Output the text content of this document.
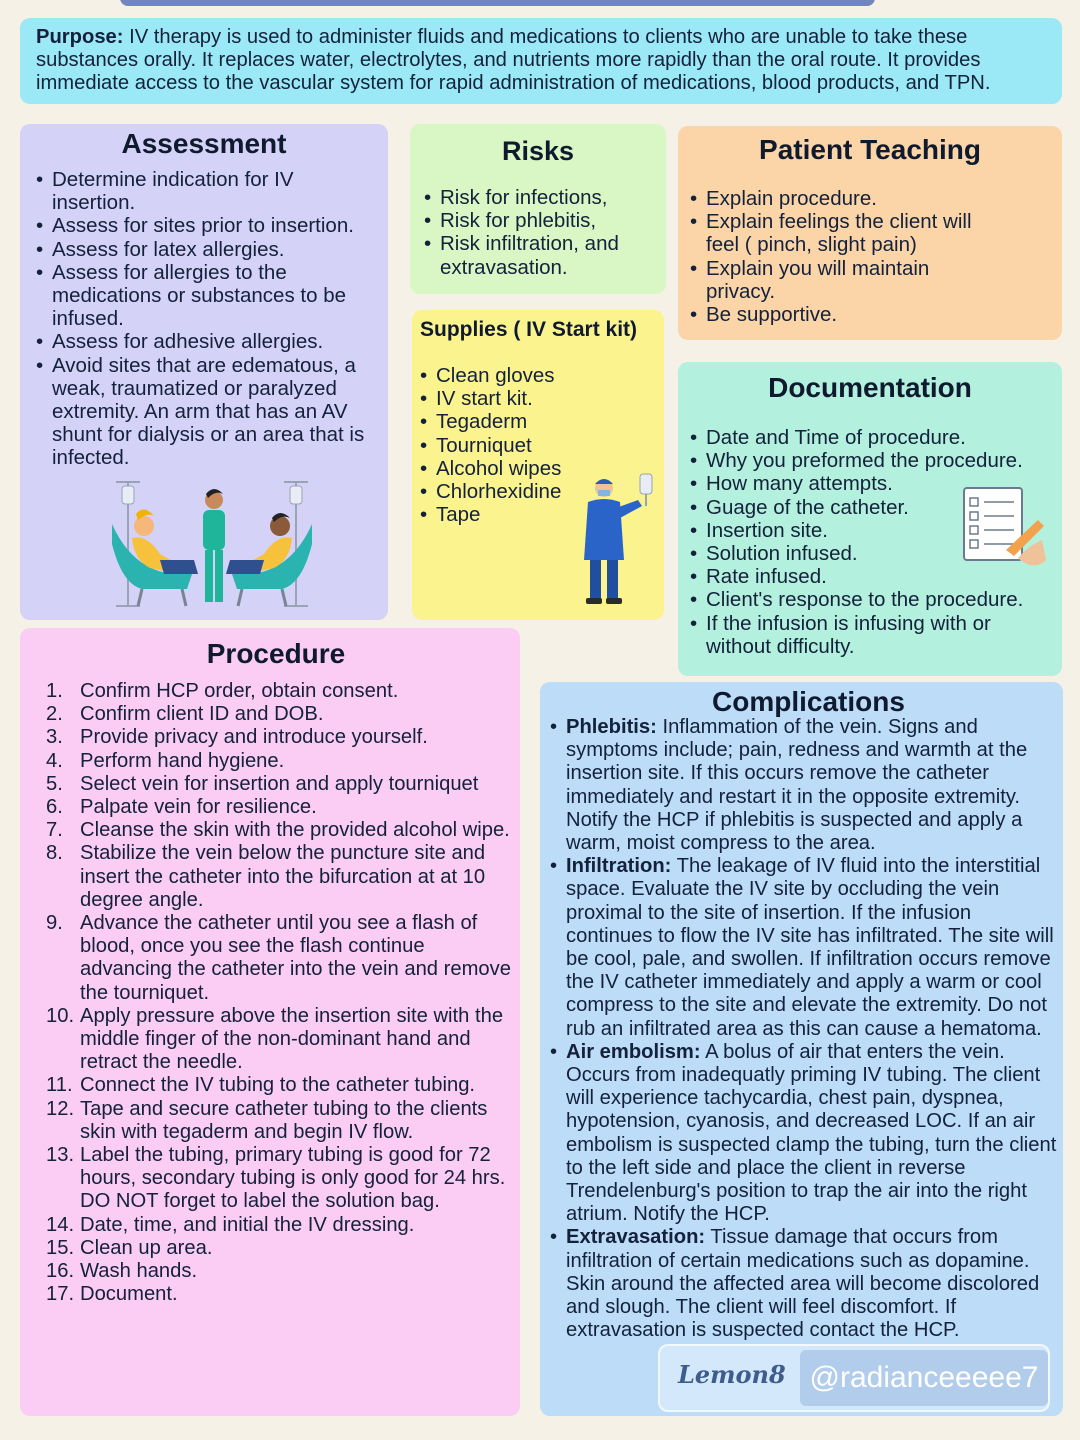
Purpose: IV therapy is used to administer fluids and medications to clients who are unable to take these substances orally. It replaces water, electrolytes, and nutrients more rapidly than the oral route. It provides immediate access to the vascular system for rapid administration of medications, blood products, and TPN.
Assessment
• Determine indication for IV insertion.
• Assess for sites prior to insertion.
• Assess for latex allergies.
• Assess for allergies to the medications or substances to be infused.
• Assess for adhesive allergies.
• Avoid sites that are edematous, a weak, traumatized or paralyzed extremity. An arm that has an AV shunt for dialysis or an area that is infected.
Risks
• Risk for infections,
• Risk for phlebitis,
• Risk infiltration, and extravasation.
Supplies ( IV Start kit)
• Clean gloves
• IV start kit.
• Tegaderm
• Tourniquet
• Alcohol wipes
• Chlorhexidine
• Tape
Patient Teaching
• Explain procedure.
• Explain feelings the client will feel ( pinch, slight pain)
• Explain you will maintain privacy.
• Be supportive.
Documentation
• Date and Time of procedure.
• Why you preformed the procedure.
• How many attempts.
• Guage of the catheter.
• Insertion site.
• Solution infused.
• Rate infused.
• Client's response to the procedure.
• If the infusion is infusing with or without difficulty.
Procedure
1. Confirm HCP order, obtain consent.
2. Confirm client ID and DOB.
3. Provide privacy and introduce yourself.
4. Perform hand hygiene.
5. Select vein for insertion and apply tourniquet
6. Palpate vein for resilience.
7. Cleanse the skin with the provided alcohol wipe.
8. Stabilize the vein below the puncture site and insert the catheter into the bifurcation at at 10 degree angle.
9. Advance the catheter until you see a flash of blood, once you see the flash continue advancing the catheter into the vein and remove the tourniquet.
10. Apply pressure above the insertion site with the middle finger of the non-dominant hand and retract the needle.
11. Connect the IV tubing to the catheter tubing.
12. Tape and secure catheter tubing to the clients skin with tegaderm and begin IV flow.
13. Label the tubing, primary tubing is good for 72 hours, secondary tubing is only good for 24 hrs. DO NOT forget to label the solution bag.
14. Date, time, and initial the IV dressing.
15. Clean up area.
16. Wash hands.
17. Document.
Complications
• Phlebitis: Inflammation of the vein. Signs and symptoms include; pain, redness and warmth at the insertion site. If this occurs remove the catheter immediately and restart it in the opposite extremity. Notify the HCP if phlebitis is suspected and apply a warm, moist compress to the area.
• Infiltration: The leakage of IV fluid into the interstitial space. Evaluate the IV site by occluding the vein proximal to the site of insertion. If the infusion continues to flow the IV site has infiltrated. The site will be cool, pale, and swollen. If infiltration occurs remove the IV catheter immediately and apply a warm or cool compress to the site and elevate the extremity. Do not rub an infiltrated area as this can cause a hematoma.
• Air embolism: A bolus of air that enters the vein. Occurs from inadequatly priming IV tubing. The client will experience tachycardia, chest pain, dyspnea, hypotension, cyanosis, and decreased LOC. If an air embolism is suspected clamp the tubing, turn the client to the left side and place the client in reverse Trendelenburg's position to trap the air into the right atrium. Notify the HCP.
• Extravasation: Tissue damage that occurs from infiltration of certain medications such as dopamine. Skin around the affected area will become discolored and slough. The client will feel discomfort. If extravasation is suspected contact the HCP.
Lemon8 @radianceeeee7
